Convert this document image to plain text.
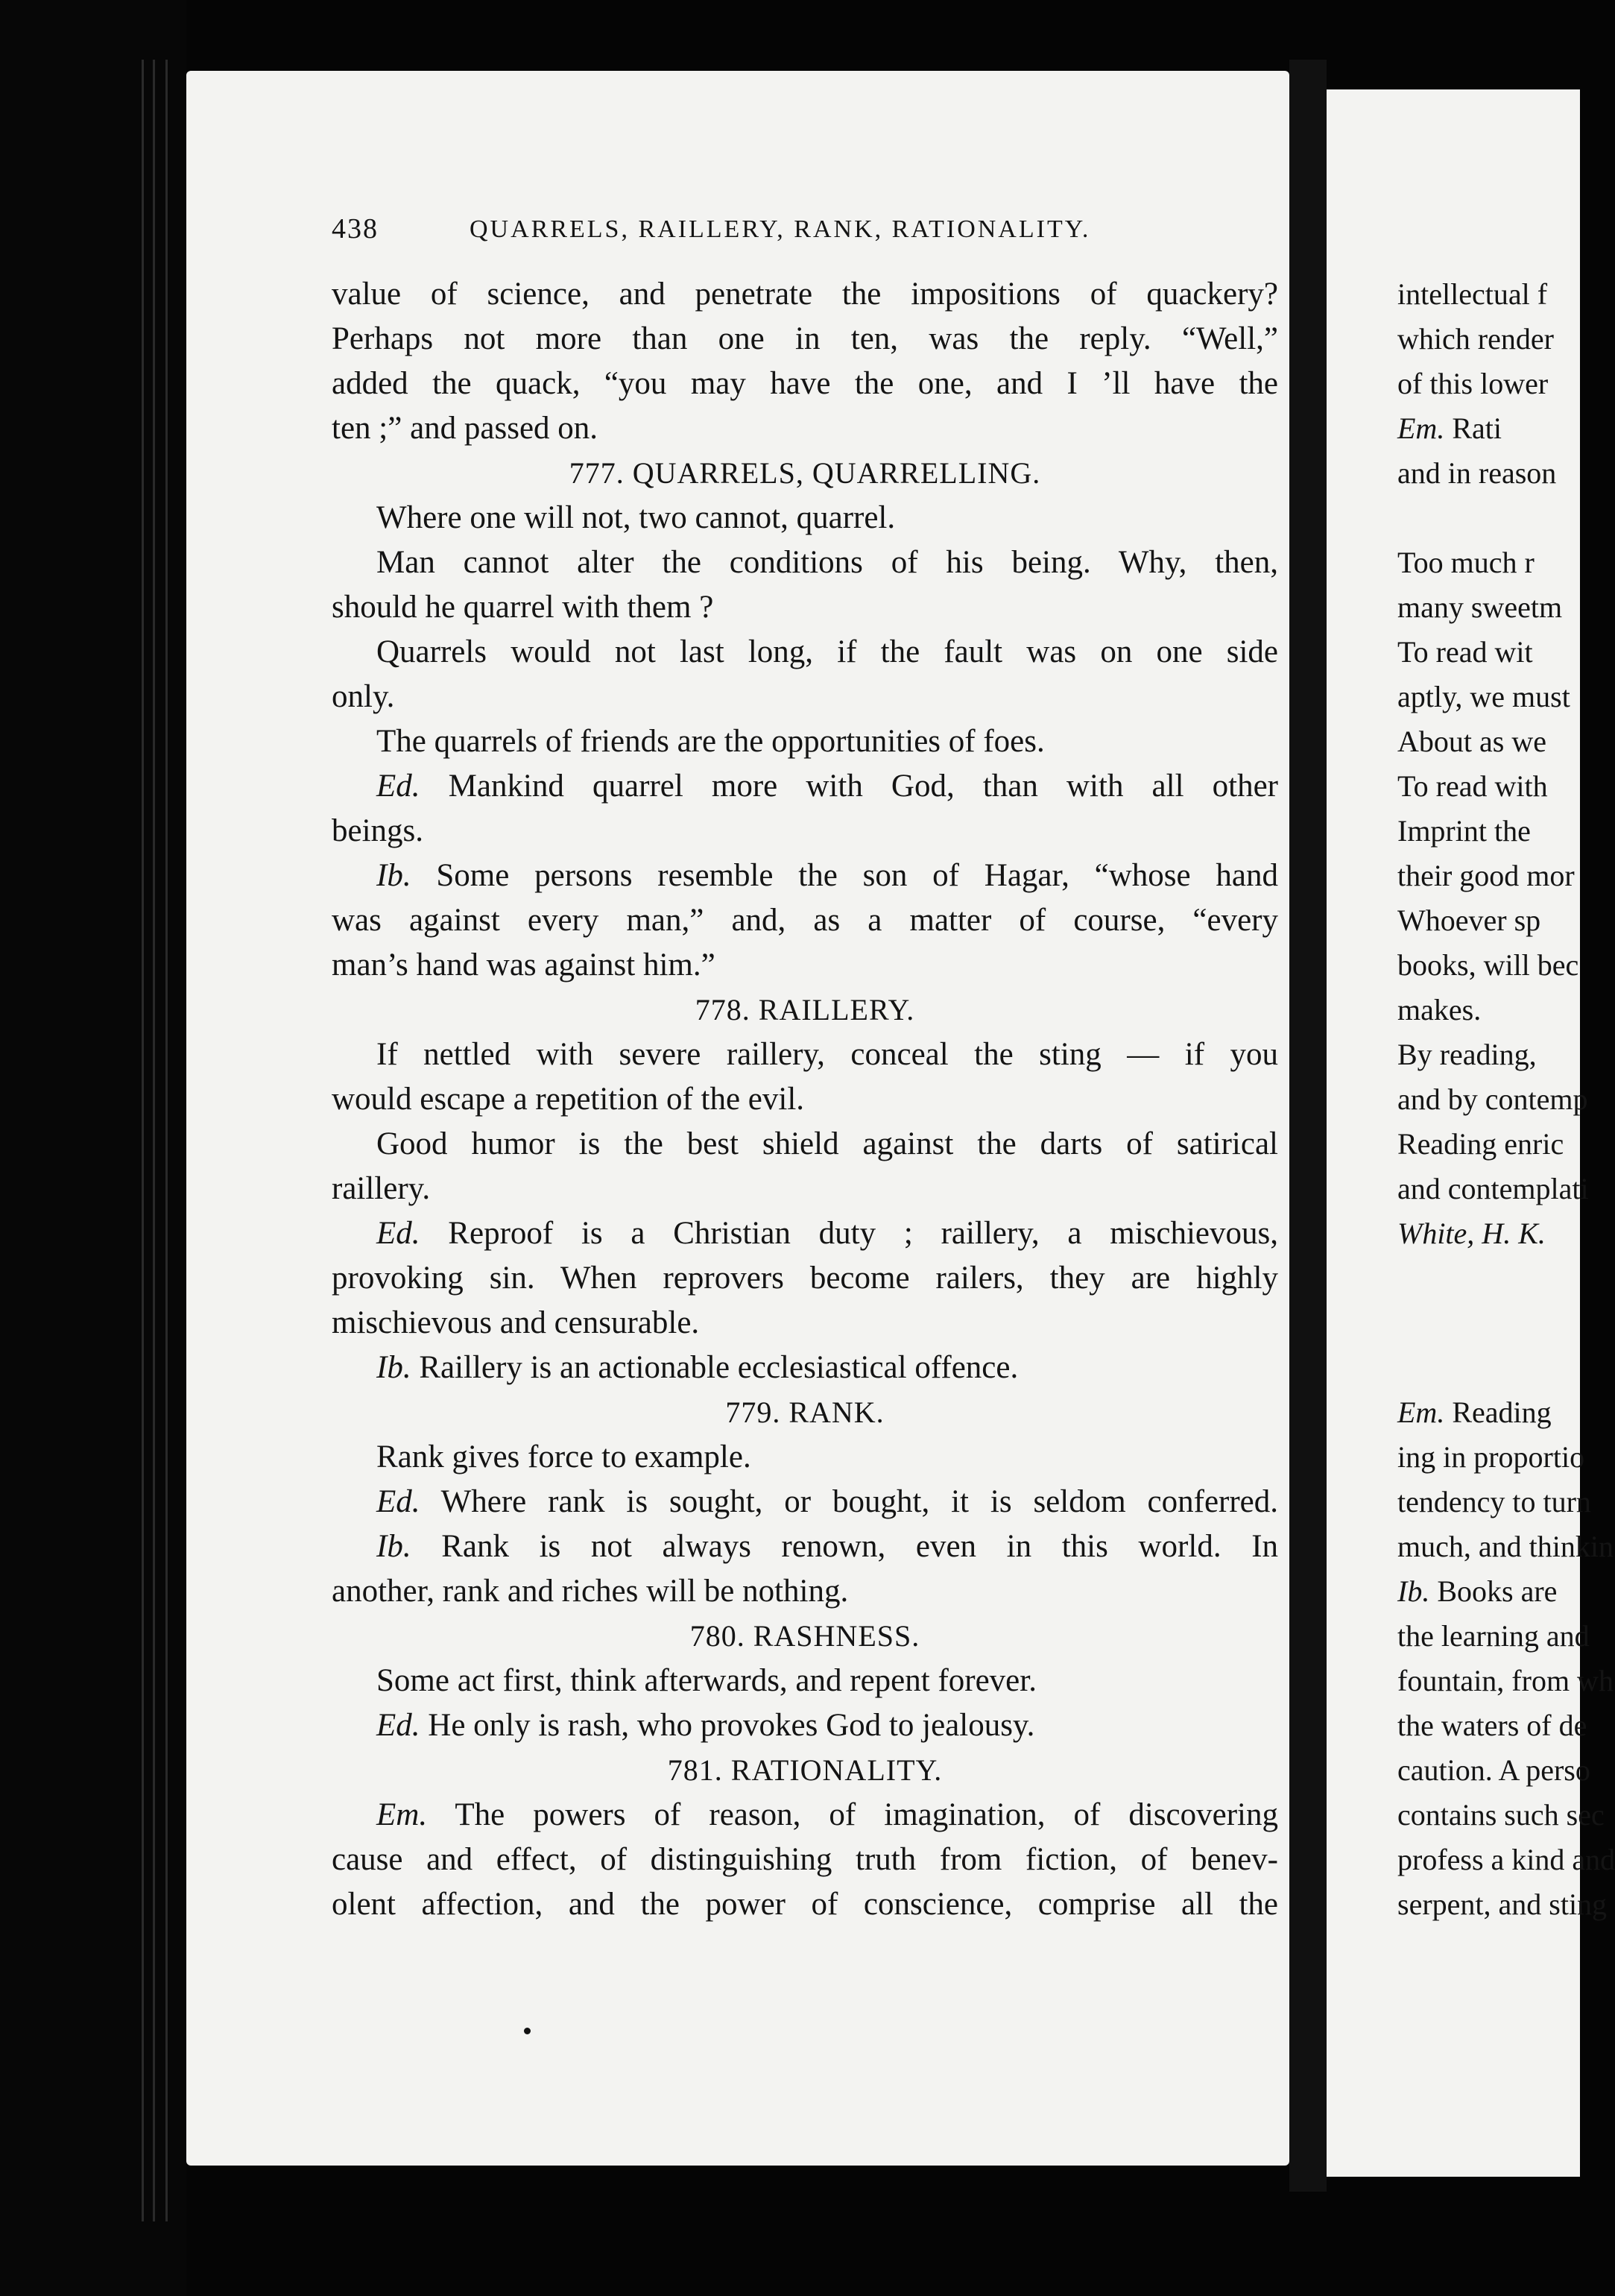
438	QUARRELS, RAILLERY, RANK, RATIONALITY.
value of science, and penetrate the impositions of quackery?
Perhaps not more than one in ten, was the reply. “Well,”
added the quack, “you may have the one, and I ’ll have the
ten ;” and passed on.
777. QUARRELS, QUARRELLING.
Where one will not, two cannot, quarrel.
Man cannot alter the conditions of his being. Why, then,
should he quarrel with them ?
Quarrels would not last long, if the fault was on one side
only.
The quarrels of friends are the opportunities of foes.
Ed. Mankind quarrel more with God, than with all other
beings.
Ib. Some persons resemble the son of Hagar, “whose hand
was against every man,” and, as a matter of course, “every
man’s hand was against him.”
778. RAILLERY.
If nettled with severe raillery, conceal the sting — if you
would escape a repetition of the evil.
Good humor is the best shield against the darts of satirical
raillery.
Ed. Reproof is a Christian duty ; raillery, a mischievous,
provoking sin. When reprovers become railers, they are highly
mischievous and censurable.
Ib. Raillery is an actionable ecclesiastical offence.
779. RANK.
Rank gives force to example.
Ed. Where rank is sought, or bought, it is seldom conferred.
Ib. Rank is not always renown, even in this world. In
another, rank and riches will be nothing.
780. RASHNESS.
Some act first, think afterwards, and repent forever.
Ed. He only is rash, who provokes God to jealousy.
781. RATIONALITY.
Em. The powers of reason, of imagination, of discovering
cause and effect, of distinguishing truth from fiction, of benev-
olent affection, and the power of conscience, comprise all the
intellectual f
which render
of this lower
Em. Rati
and in reason
Too much r
many sweetm
To read wit
aptly, we must
About as we
To read with
Imprint the
their good mor
Whoever sp
books, will bec
makes.
By reading,
and by contemp
Reading enric
and contemplati
White, H. K.
Em. Reading
ing in proportio
tendency to turn
much, and thinkin
Ib. Books are
the learning and
fountain, from wh
the waters of de
caution. A perso
contains such sec
profess a kind and
serpent, and sting
